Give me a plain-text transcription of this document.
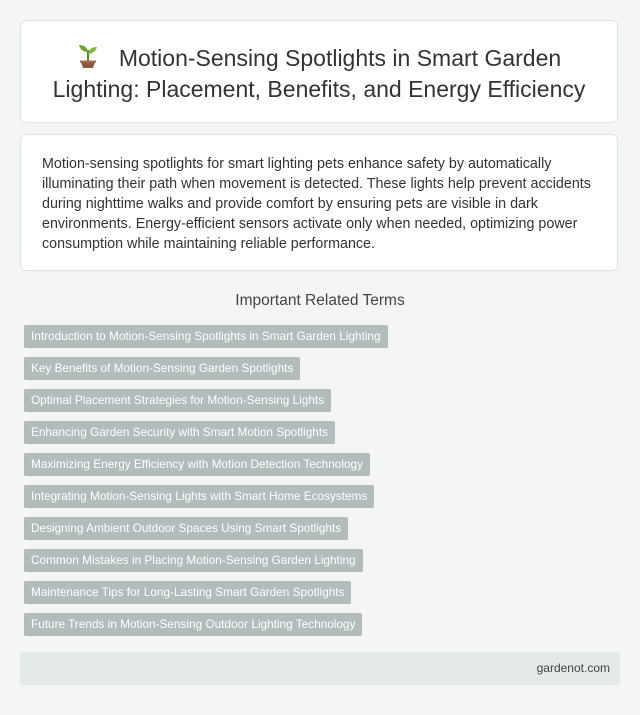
Motion-Sensing Spotlights in Smart Garden
Lighting: Placement, Benefits, and Energy Efficiency

Motion-sensing spotlights for smart lighting pets enhance safety by automatically illuminating their path when movement is detected. These lights help prevent accidents during nighttime walks and provide comfort by ensuring pets are visible in dark environments. Energy-efficient sensors activate only when needed, optimizing power consumption while maintaining reliable performance.

Important Related Terms
Introduction to Motion-Sensing Spotlights in Smart Garden Lighting
Key Benefits of Motion-Sensing Garden Spotlights
Optimal Placement Strategies for Motion-Sensing Lights
Enhancing Garden Security with Smart Motion Spotlights
Maximizing Energy Efficiency with Motion Detection Technology
Integrating Motion-Sensing Lights with Smart Home Ecosystems
Designing Ambient Outdoor Spaces Using Smart Spotlights
Common Mistakes in Placing Motion-Sensing Garden Lighting
Maintenance Tips for Long-Lasting Smart Garden Spotlights
Future Trends in Motion-Sensing Outdoor Lighting Technology
gardenot.com
